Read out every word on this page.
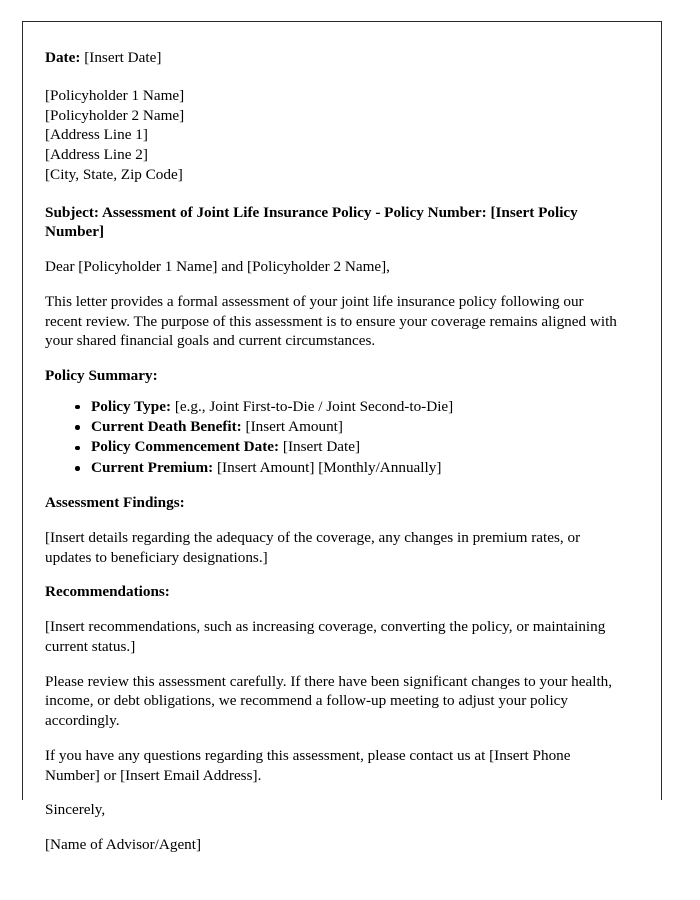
Date: [Insert Date]

[Policyholder 1 Name]
[Policyholder 2 Name]
[Address Line 1]
[Address Line 2]
[City, State, Zip Code]

Subject: Assessment of Joint Life Insurance Policy - Policy Number: [Insert Policy Number]

Dear [Policyholder 1 Name] and [Policyholder 2 Name],

This letter provides a formal assessment of your joint life insurance policy following our recent review. The purpose of this assessment is to ensure your coverage remains aligned with your shared financial goals and current circumstances.

Policy Summary:

Policy Type: [e.g., Joint First-to-Die / Joint Second-to-Die]
Current Death Benefit: [Insert Amount]
Policy Commencement Date: [Insert Date]
Current Premium: [Insert Amount] [Monthly/Annually]

Assessment Findings:

[Insert details regarding the adequacy of the coverage, any changes in premium rates, or updates to beneficiary designations.]

Recommendations:

[Insert recommendations, such as increasing coverage, converting the policy, or maintaining current status.]

Please review this assessment carefully. If there have been significant changes to your health, income, or debt obligations, we recommend a follow-up meeting to adjust your policy accordingly.

If you have any questions regarding this assessment, please contact us at [Insert Phone Number] or [Insert Email Address].

Sincerely,

[Name of Advisor/Agent]
